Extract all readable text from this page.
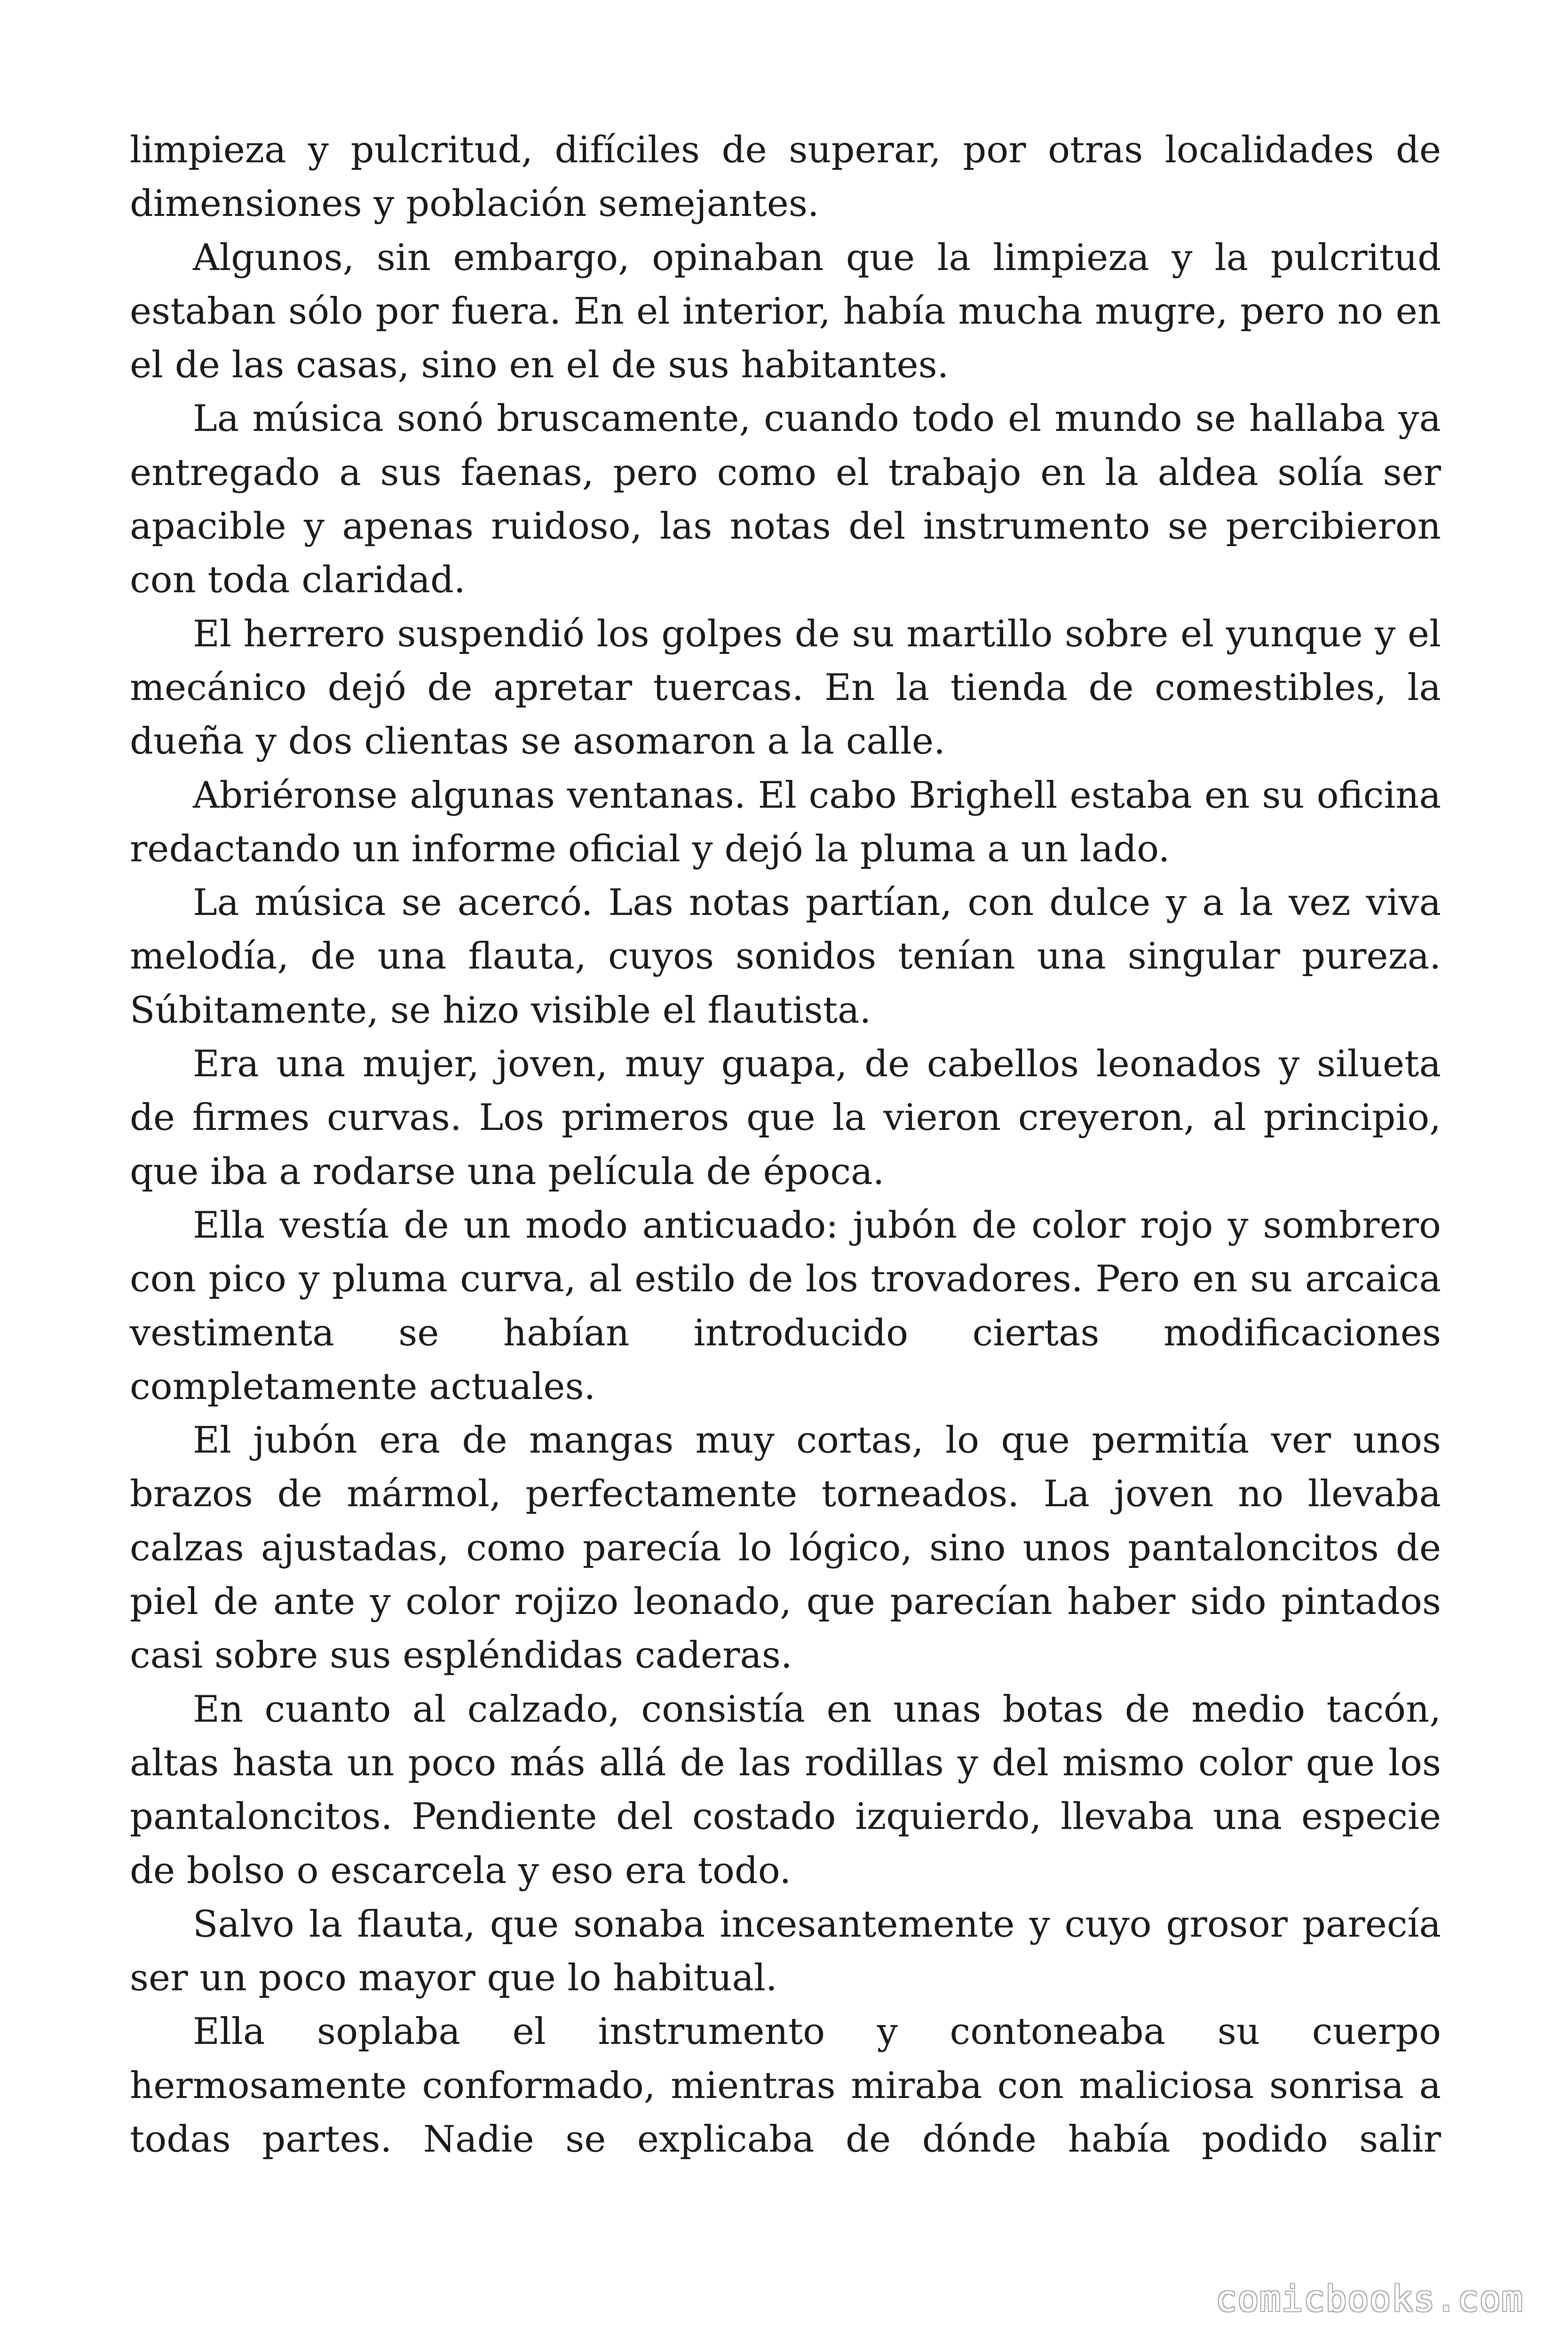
limpieza y pulcritud, difíciles de superar, por otras localidades de dimensiones y población semejantes.

Algunos, sin embargo, opinaban que la limpieza y la pulcritud estaban sólo por fuera. En el interior, había mucha mugre, pero no en el de las casas, sino en el de sus habitantes.

La música sonó bruscamente, cuando todo el mundo se hallaba ya entregado a sus faenas, pero como el trabajo en la aldea solía ser apacible y apenas ruidoso, las notas del instrumento se percibieron con toda claridad.

El herrero suspendió los golpes de su martillo sobre el yunque y el mecánico dejó de apretar tuercas. En la tienda de comestibles, la dueña y dos clientas se asomaron a la calle.

Abriéronse algunas ventanas. El cabo Brighell estaba en su oficina redactando un informe oficial y dejó la pluma a un lado.

La música se acercó. Las notas partían, con dulce y a la vez viva melodía, de una flauta, cuyos sonidos tenían una singular pureza. Súbitamente, se hizo visible el flautista.

Era una mujer, joven, muy guapa, de cabellos leonados y silueta de firmes curvas. Los primeros que la vieron creyeron, al principio, que iba a rodarse una película de época.

Ella vestía de un modo anticuado: jubón de color rojo y sombrero con pico y pluma curva, al estilo de los trovadores. Pero en su arcaica vestimenta se habían introducido ciertas modificaciones completamente actuales.

El jubón era de mangas muy cortas, lo que permitía ver unos brazos de mármol, perfectamente torneados. La joven no llevaba calzas ajustadas, como parecía lo lógico, sino unos pantaloncitos de piel de ante y color rojizo leonado, que parecían haber sido pintados casi sobre sus espléndidas caderas.

En cuanto al calzado, consistía en unas botas de medio tacón, altas hasta un poco más allá de las rodillas y del mismo color que los pantaloncitos. Pendiente del costado izquierdo, llevaba una especie de bolso o escarcela y eso era todo.

Salvo la flauta, que sonaba incesantemente y cuyo grosor parecía ser un poco mayor que lo habitual.

Ella soplaba el instrumento y contoneaba su cuerpo hermosamente conformado, mientras miraba con maliciosa sonrisa a todas partes. Nadie se explicaba de dónde había podido salir

comicbooks.com
